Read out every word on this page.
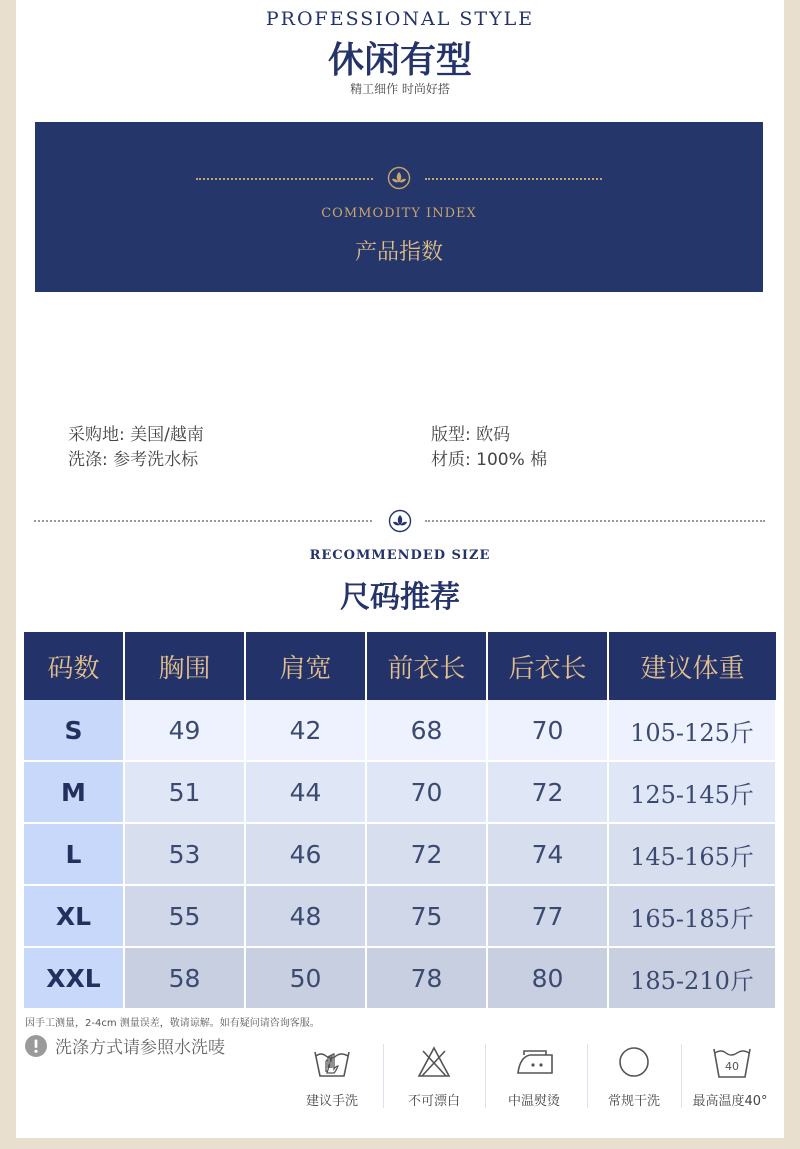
PROFESSIONAL STYLE
休闲有型
精工细作 时尚好搭
COMMODITY INDEX
产品指数
采购地: 美国/越南	版型: 欧码
洗涤: 参考洗水标	材质: 100% 棉
RECOMMENDED SIZE
尺码推荐
码数	胸围	肩宽	前衣长	后衣长	建议体重
S	49	42	68	70	105-125斤
M	51	44	70	72	125-145斤
L	53	46	72	74	145-165斤
XL	55	48	75	77	165-185斤
XXL	58	50	78	80	185-210斤
因手工测量，2-4cm 测量误差，敬请谅解。如有疑问请咨询客服。
洗涤方式请参照水洗唛
建议手洗	不可漂白	中温熨烫	常规干洗
40
最高温度40°
